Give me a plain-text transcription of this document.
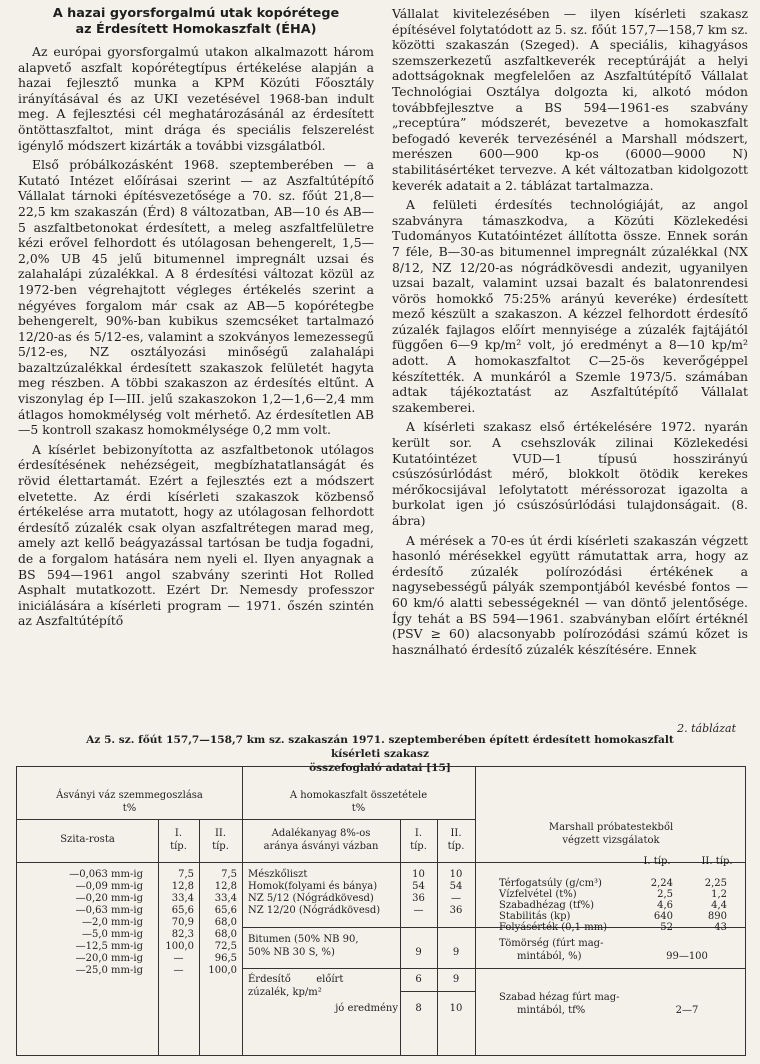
A hazai gyorsforgalmú utak kopórétege
az Érdesített Homokaszfalt (ÉHA)

Az európai gyorsforgalmú utakon alkalmazott három alapvető aszfalt kopórétegtípus értékelése alapján a hazai fejlesztő munka a KPM Közúti Főosztály irányításával és az UKI vezetésével 1968-ban indult meg. A fejlesztési cél meghatározásánál az érdesített öntöttaszfaltot, mint drága és speciális felszerelést igénylő módszert kizárták a további vizsgálatból.

Első próbálkozásként 1968. szeptemberében — a Kutató Intézet előírásai szerint — az Aszfaltútépítő Vállalat tárnoki építésvezetősége a 70. sz. főút 21,8—22,5 km szakaszán (Érd) 8 változatban, AB—10 és AB—5 aszfaltbetonokat érdesített, a meleg aszfaltfelületre kézi erővel felhordott és utólagosan behengerelt, 1,5—2,0% UB 45 jelű bitumennel impregnált uzsai és zalahalápi zúzalékkal. A 8 érdesítési változat közül az 1972-ben végrehajtott végleges értékelés szerint a négyéves forgalom már csak az AB—5 kopórétegbe behengerelt, 90%-ban kubikus szemcséket tartalmazó 12/20-as és 5/12-es, valamint a szokványos lemezessegű 5/12-es, NZ osztályozási minőségű zalahalápi bazaltzúzalékkal érdesített szakaszok felületét hagyta meg részben. A többi szakaszon az érdesítés eltűnt. A viszonylag ép I—III. jelű szakaszokon 1,2—1,6—2,4 mm átlagos homokmélység volt mérhető. Az érdesítetlen AB—5 kontroll szakasz homokmélysége 0,2 mm volt.

A kísérlet bebizonyította az aszfaltbetonok utólagos érdesítésének nehézségeit, megbízhatatlanságát és rövid élettartamát. Ezért a fejlesztés ezt a módszert elvetette. Az érdi kísérleti szakaszok közbenső értékelése arra mutatott, hogy az utólagosan felhordott érdesítő zúzalék csak olyan aszfaltrétegen marad meg, amely azt kellő beágyazással tartósan be tudja fogadni, de a forgalom hatására nem nyeli el. Ilyen anyagnak a BS 594—1961 angol szabvány szerinti Hot Rolled Asphalt mutatkozott. Ezért Dr. Nemesdy professzor iniciálására a kísérleti program — 1971. őszén szintén az Aszfaltútépítő

Vállalat kivitelezésében — ilyen kísérleti szakasz építésével folytatódott az 5. sz. főút 157,7—158,7 km sz. közötti szakaszán (Szeged). A speciális, kihagyásos szemszerkezetű aszfaltkeverék receptúráját a helyi adottságoknak megfelelően az Aszfaltútépítő Vállalat Technológiai Osztálya dolgozta ki, alkotó módon továbbfejlesztve a BS 594—1961-es szabvány „receptúra” módszerét, bevezetve a homokaszfalt befogadó keverék tervezésénél a Marshall módszert, merészen 600—900 kp-os (6000—9000 N) stabilitásértéket tervezve. A két változatban kidolgozott keverék adatait a 2. táblázat tartalmazza.

A felületi érdesítés technológiáját, az angol szabványra támaszkodva, a Közúti Közlekedési Tudományos Kutatóintézet állította össze. Ennek során 7 féle, B—30-as bitumennel impregnált zúzalékkal (NX 8/12, NZ 12/20-as nógrádkövesdi andezit, ugyanilyen uzsai bazalt, valamint uzsai bazalt és balatonrendesi vörös homokkő 75:25% arányú keveréke) érdesített mező készült a szakaszon. A kézzel felhordott érdesítő zúzalék fajlagos előírt mennyisége a zúzalék fajtájától függően 6—9 kp/m² volt, jó eredményt a 8—10 kp/m² adott. A homokaszfaltot C—25-ös keverőgéppel készítették. A munkáról a Szemle 1973/5. számában adtak tájékoztatást az Aszfaltútépítő Vállalat szakemberei.

A kísérleti szakasz első értékelésére 1972. nyarán került sor. A csehszlovák zilinai Közlekedési Kutatóintézet VUD—1 típusú hosszirányú csúszósúrlódást mérő, blokkolt ötödik kerekes mérőkocsijával lefolytatott méréssorozat igazolta a burkolat igen jó csúszósúrlódási tulajdonságait. (8. ábra)

A mérések a 70-es út érdi kísérleti szakaszán végzett hasonló mérésekkel együtt rámutattak arra, hogy az érdesítő zúzalék polírozódási értékének a nagysebességű pályák szempontjából kevésbé fontos — 60 km/ó alatti sebességeknél — van döntő jelentősége. Így tehát a BS 594—1961. szabványban előírt értéknél (PSV ≥ 60) alacsonyabb polírozódási számú kőzet is használható érdesítő zúzalék készítésére. Ennek

2. táblázat
Az 5. sz. főút 157,7—158,7 km sz. szakaszán 1971. szeptemberében épített érdesített homokaszfalt kísérleti szakasz
összefoglaló adatai [15]
Ásványi váz szemmegoszlása
t%
A homokaszfalt összetétele
t%
Marshall próbatestekből
végzett vizsgálatok
Szita-rosta
I.
típ.
II.
típ.
Adalékanyag 8%-os
aránya ásványi vázban
I.
típ.
II.
típ.
I. típ.	II. típ.
—0,063 mm-ig	7,5	7,5
—0,09 mm-ig	12,8	12,8
—0,20 mm-ig	33,4	33,4
—0,63 mm-ig	65,6	65,6
—2,0 mm-ig	70,9	68,0
—5,0 mm-ig	82,3	68,0
—12,5 mm-ig	100,0	72,5
—20,0 mm-ig	—	96,5
—25,0 mm-ig	—	100,0
Mészkőliszt	10	10
Homok(folyami és bánya)	54	54
NZ 5/12 (Nógrádkövesd)	36	—
NZ 12/20 (Nógrádkövesd)	—	36
Bitumen (50% NB 90,
50% NB 30 S, %)	9	9
Érdesítő        előírt
zúzalék, kp/m²
jó eredmény
6	9
8	10
Térfogatsúly (g/cm³)	2,24	2,25
Vízfelvétel (t%)	2,5	1,2
Szabadhézag (tf%)	4,6	4,4
Stabilitás (kp)	640	890
Folyásérték (0,1 mm)	52	43
Tömörség (fúrt mag-
mintából, %)	99—100
Szabad hézag fúrt mag-
mintából, tf%	2—7
